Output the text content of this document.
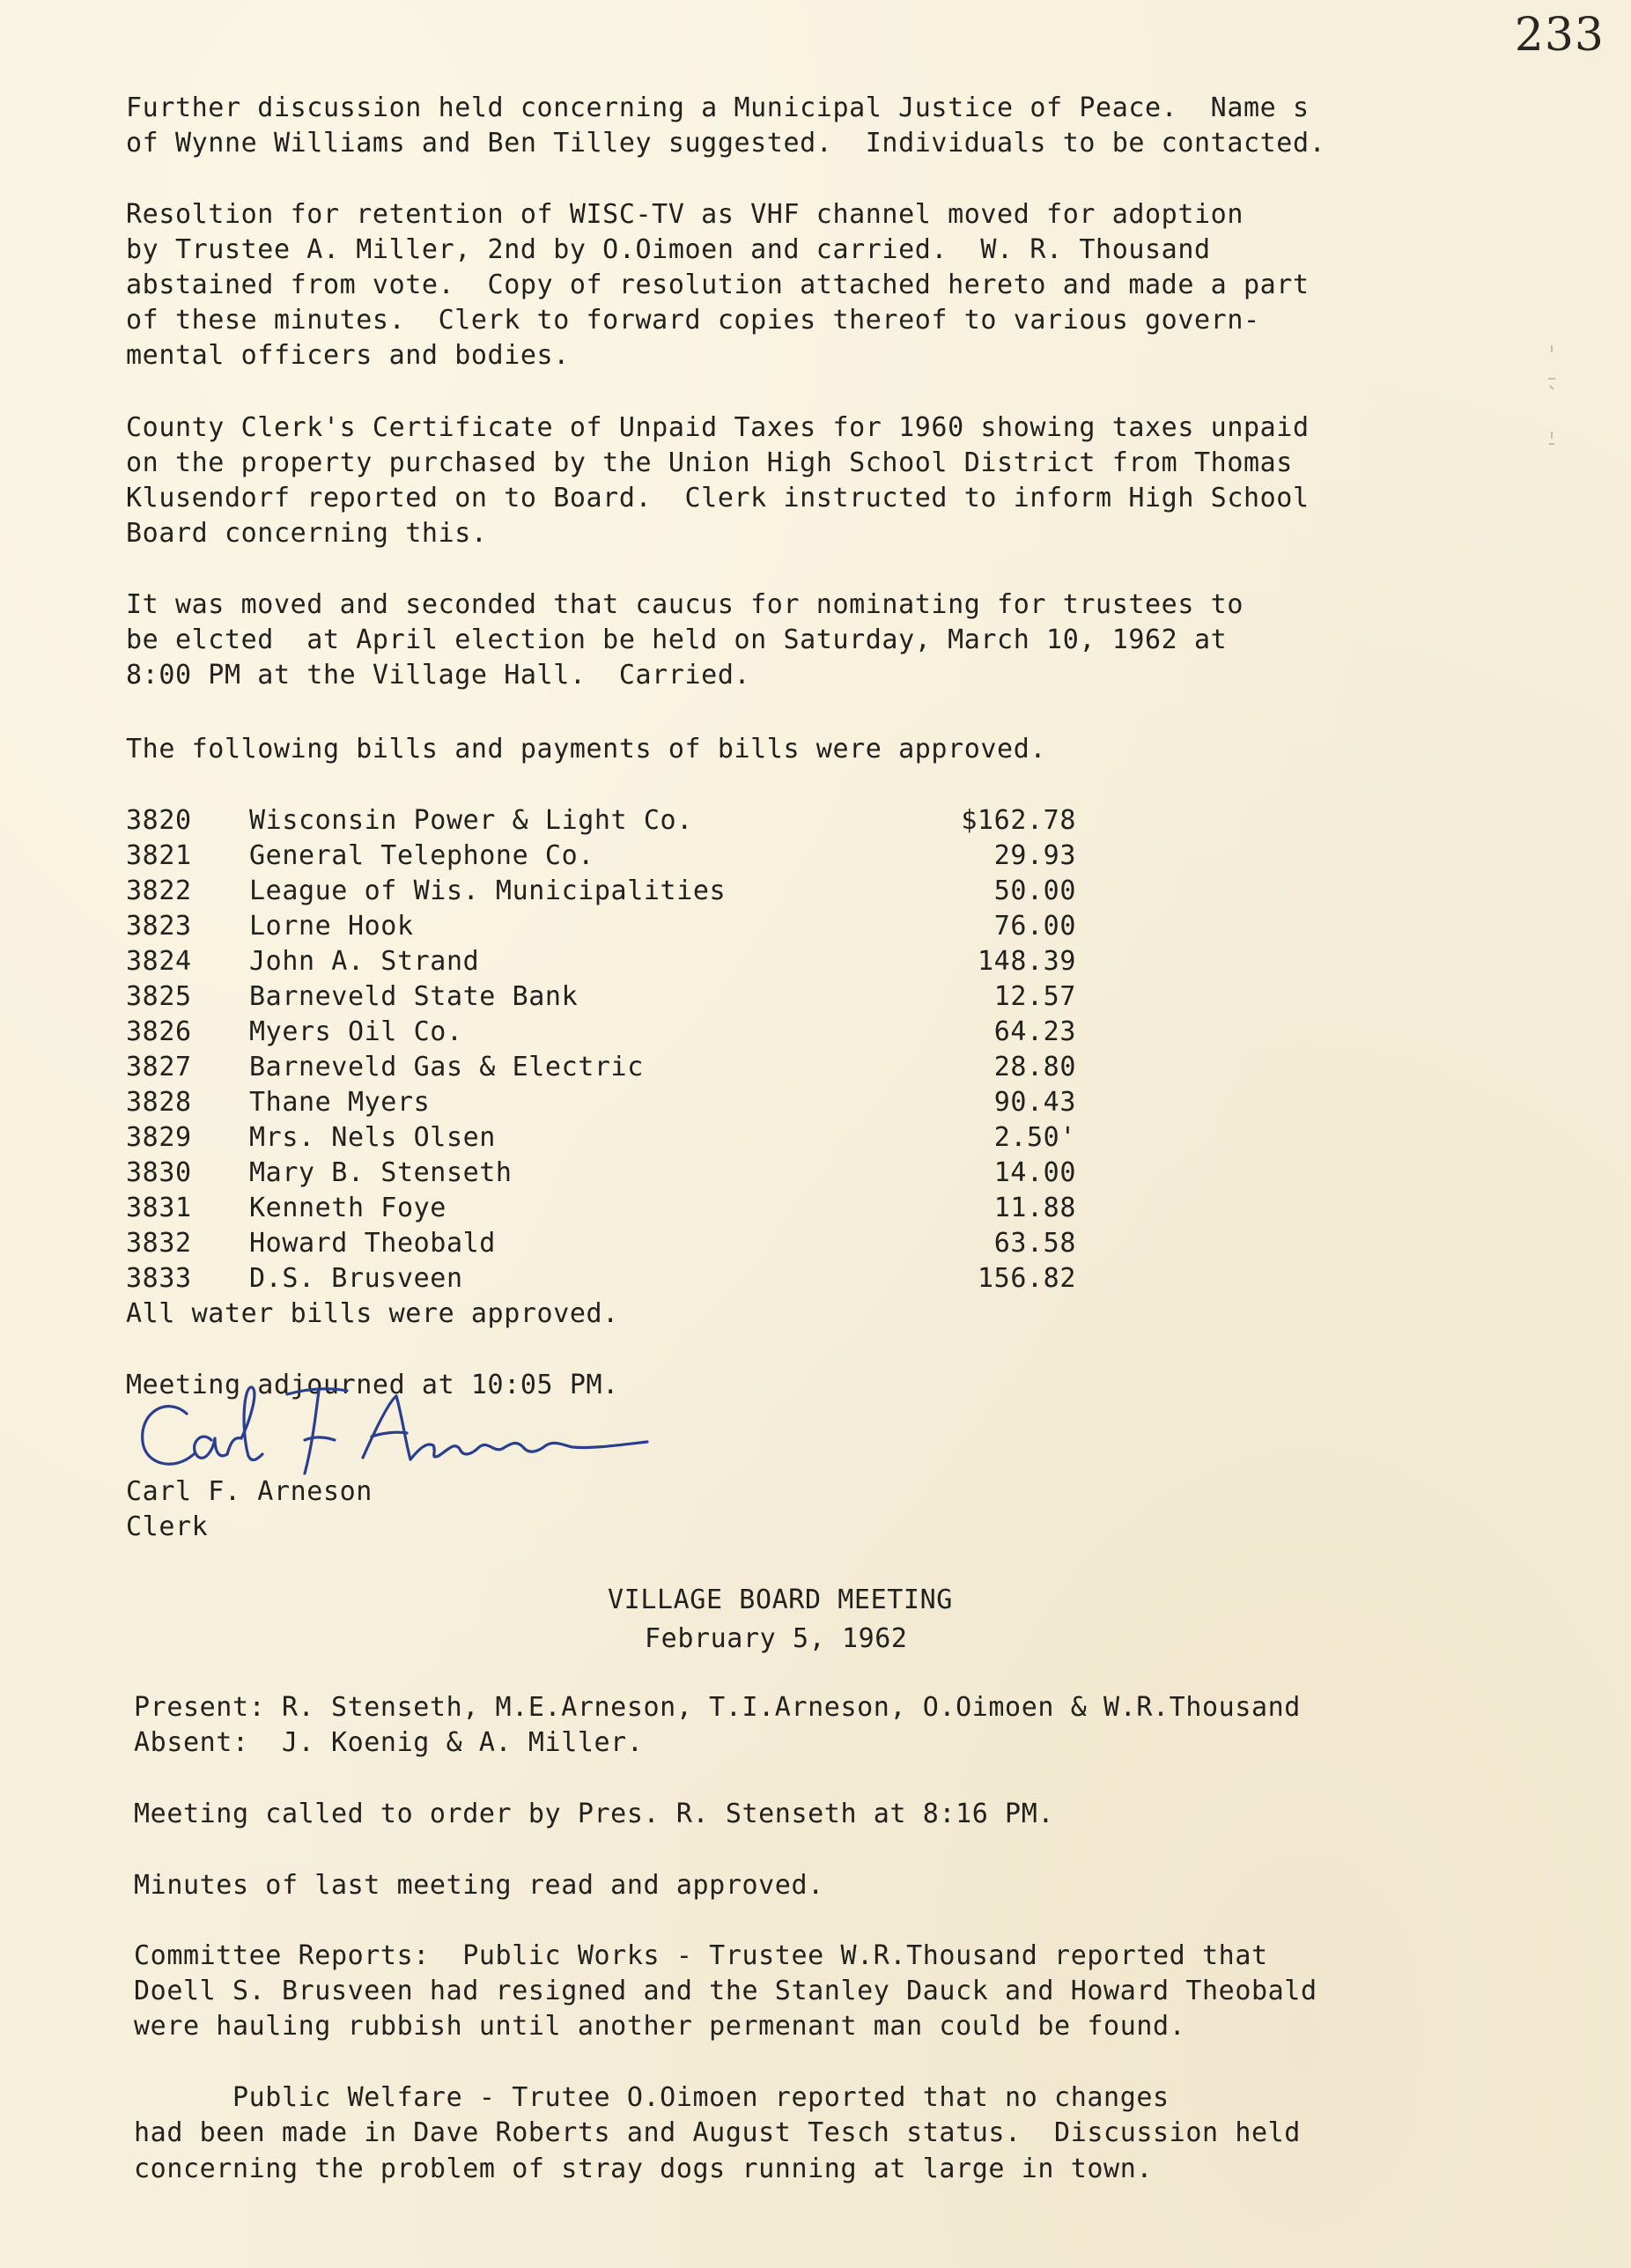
233
Further discussion held concerning a Municipal Justice of Peace.  Name s
of Wynne Williams and Ben Tilley suggested.  Individuals to be contacted.
Resoltion for retention of WISC-TV as VHF channel moved for adoption
by Trustee A. Miller, 2nd by O.Oimoen and carried.  W. R. Thousand
abstained from vote.  Copy of resolution attached hereto and made a part
of these minutes.  Clerk to forward copies thereof to various govern-
mental officers and bodies.
County Clerk's Certificate of Unpaid Taxes for 1960 showing taxes unpaid
on the property purchased by the Union High School District from Thomas
Klusendorf reported on to Board.  Clerk instructed to inform High School
Board concerning this.
It was moved and seconded that caucus for nominating for trustees to
be elcted  at April election be held on Saturday, March 10, 1962 at
8:00 PM at the Village Hall.  Carried.
The following bills and payments of bills were approved.
3820 Wisconsin Power & Light Co.	$162.78
3821 General Telephone Co.	29.93
3822 League of Wis. Municipalities	50.00
3823 Lorne Hook	76.00
3824 John A. Strand	148.39
3825 Barneveld State Bank	12.57
3826 Myers Oil Co.	64.23
3827 Barneveld Gas & Electric	28.80
3828 Thane Myers	90.43
3829 Mrs. Nels Olsen	2.50'
3830 Mary B. Stenseth	14.00
3831 Kenneth Foye	11.88
3832 Howard Theobald	63.58
3833 D.S. Brusveen	156.82
All water bills were approved.
Meeting adjourned at 10:05 PM.
Carl F. Arneson
Clerk
VILLAGE BOARD MEETING
February 5, 1962
Present: R. Stenseth, M.E.Arneson, T.I.Arneson, O.Oimoen & W.R.Thousand
Absent:  J. Koenig & A. Miller.
Meeting called to order by Pres. R. Stenseth at 8:16 PM.
Minutes of last meeting read and approved.
Committee Reports:  Public Works - Trustee W.R.Thousand reported that
Doell S. Brusveen had resigned and the Stanley Dauck and Howard Theobald
were hauling rubbish until another permenant man could be found.
Public Welfare - Trutee O.Oimoen reported that no changes
had been made in Dave Roberts and August Tesch status.  Discussion held
concerning the problem of stray dogs running at large in town.
